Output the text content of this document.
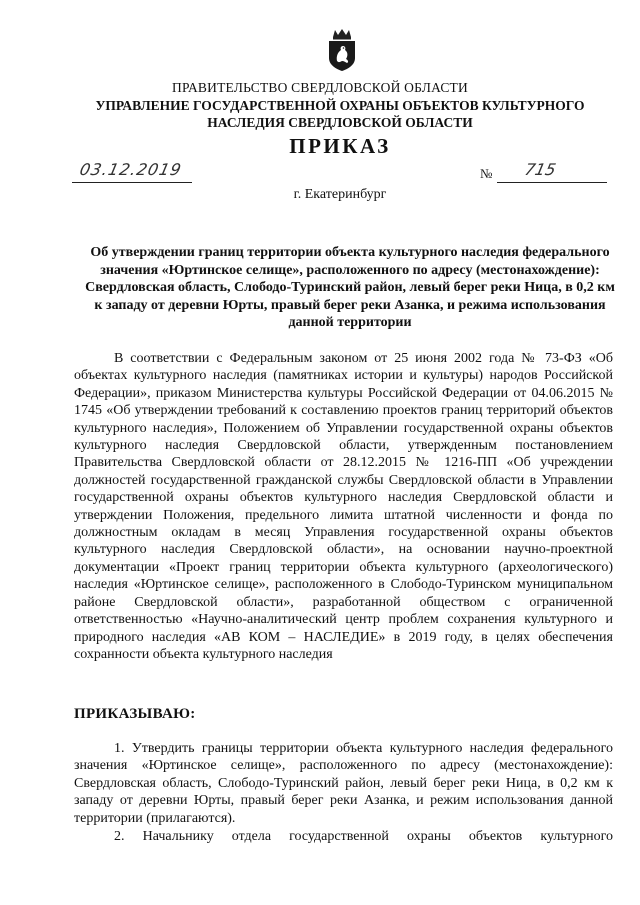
ПРАВИТЕЛЬСТВО СВЕРДЛОВСКОЙ ОБЛАСТИ
УПРАВЛЕНИЕ ГОСУДАРСТВЕННОЙ ОХРАНЫ ОБЪЕКТОВ КУЛЬТУРНОГО НАСЛЕДИЯ СВЕРДЛОВСКОЙ ОБЛАСТИ
ПРИКАЗ
03.12.2019	№ 715
г. Екатеринбург
Об утверждении границ территории объекта культурного наследия федерального значения «Юртинское селище», расположенного по адресу (местонахождение): Свердловская область, Слободо-Туринский район, левый берег реки Ница, в 0,2 км к западу от деревни Юрты, правый берег реки Азанка, и режима использования данной территории
В соответствии с Федеральным законом от 25 июня 2002 года № 73-ФЗ «Об объектах культурного наследия (памятниках истории и культуры) народов Российской Федерации», приказом Министерства культуры Российской Федерации от 04.06.2015 № 1745 «Об утверждении требований к составлению проектов границ территорий объектов культурного наследия», Положением об Управлении государственной охраны объектов культурного наследия Свердловской области, утвержденным постановлением Правительства Свердловской области от 28.12.2015 № 1216-ПП «Об учреждении должностей государственной гражданской службы Свердловской области в Управлении государственной охраны объектов культурного наследия Свердловской области и утверждении Положения, предельного лимита штатной численности и фонда по должностным окладам в месяц Управления государственной охраны объектов культурного наследия Свердловской области», на основании научно-проектной документации «Проект границ территории объекта культурного (археологического) наследия «Юртинское селище», расположенного в Слободо-Туринском муниципальном районе Свердловской области», разработанной обществом с ограниченной ответственностью «Научно-аналитический центр проблем сохранения культурного и природного наследия «АВ КОМ – НАСЛЕДИЕ» в 2019 году, в целях обеспечения сохранности объекта культурного наследия
ПРИКАЗЫВАЮ:
1. Утвердить границы территории объекта культурного наследия федерального значения «Юртинское селище», расположенного по адресу (местонахождение): Свердловская область, Слободо-Туринский район, левый берег реки Ница, в 0,2 км к западу от деревни Юрты, правый берег реки Азанка, и режим использования данной территории (прилагаются).
2. Начальнику отдела государственной охраны объектов культурного
